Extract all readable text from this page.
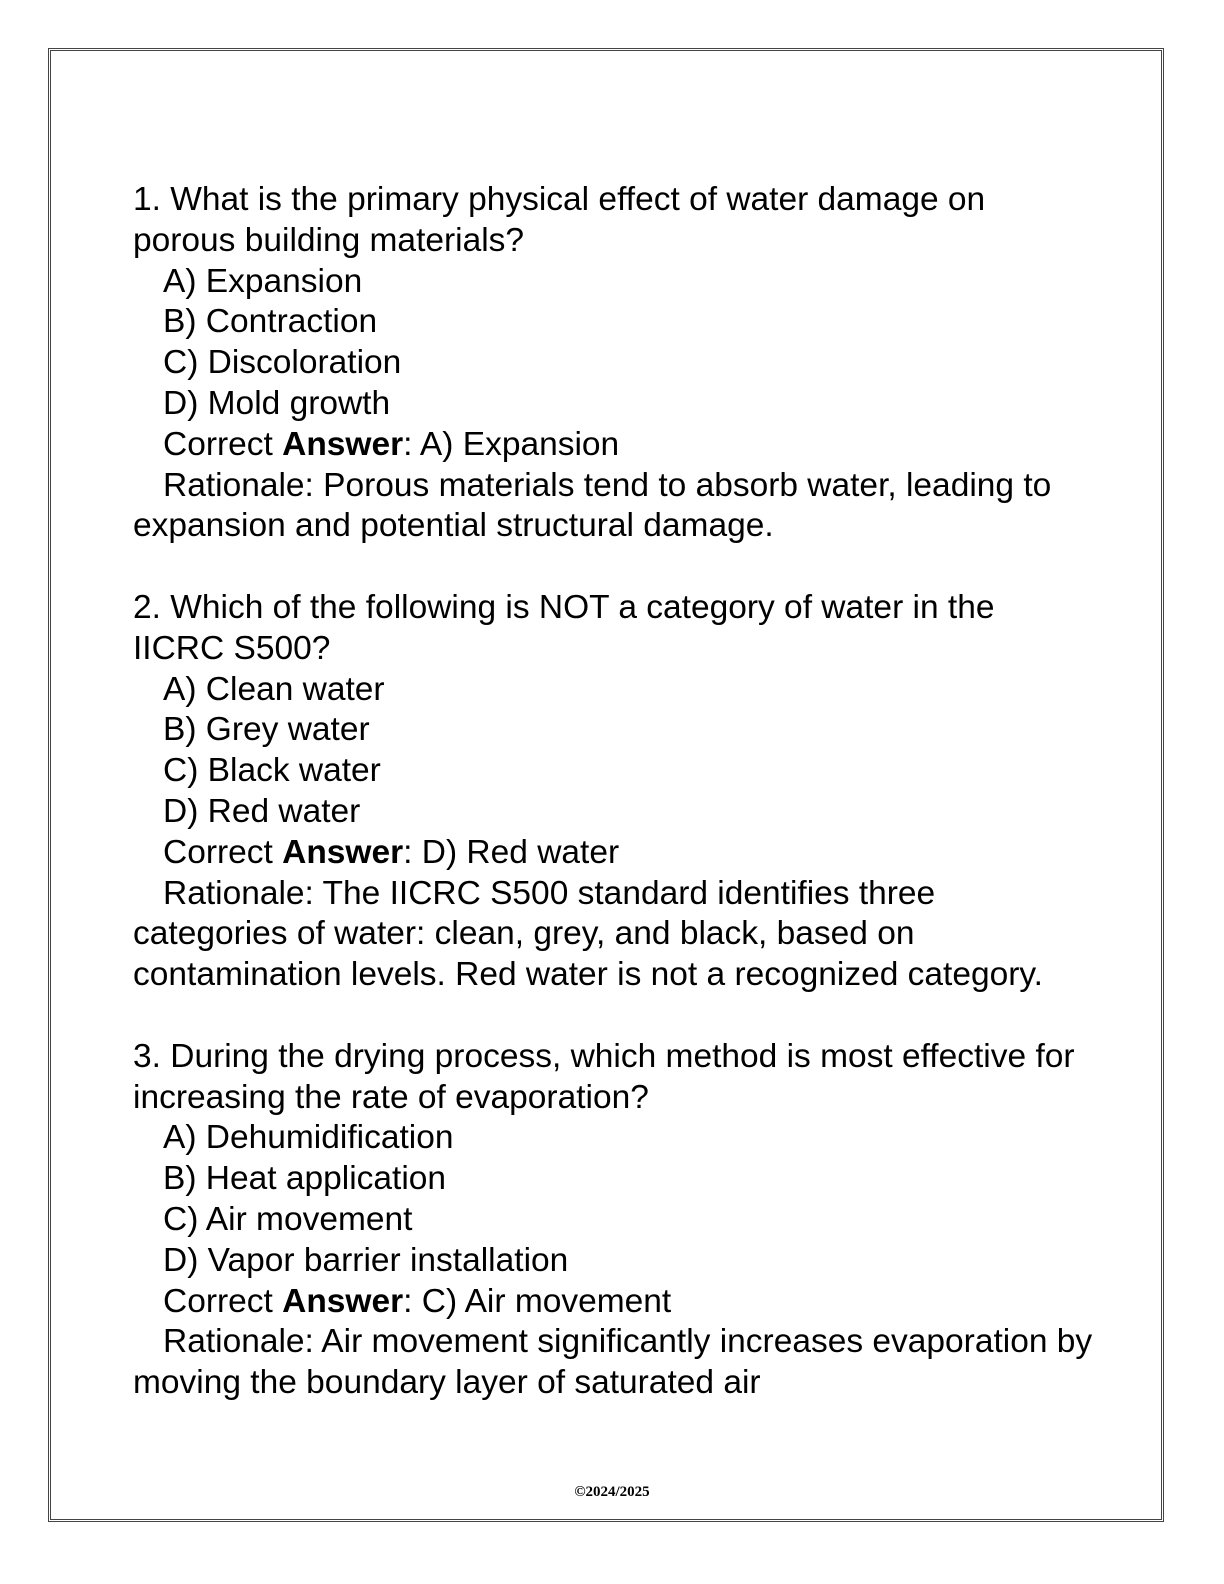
1. What is the primary physical effect of water damage on porous building materials?
A) Expansion
B) Contraction
C) Discoloration
D) Mold growth
Correct Answer: A) Expansion
Rationale: Porous materials tend to absorb water, leading to expansion and potential structural damage.
2. Which of the following is NOT a category of water in the IICRC S500?
A) Clean water
B) Grey water
C) Black water
D) Red water
Correct Answer: D) Red water
Rationale: The IICRC S500 standard identifies three categories of water: clean, grey, and black, based on contamination levels. Red water is not a recognized category.
3. During the drying process, which method is most effective for increasing the rate of evaporation?
A) Dehumidification
B) Heat application
C) Air movement
D) Vapor barrier installation
Correct Answer: C) Air movement
Rationale: Air movement significantly increases evaporation by moving the boundary layer of saturated air
©2024/2025
